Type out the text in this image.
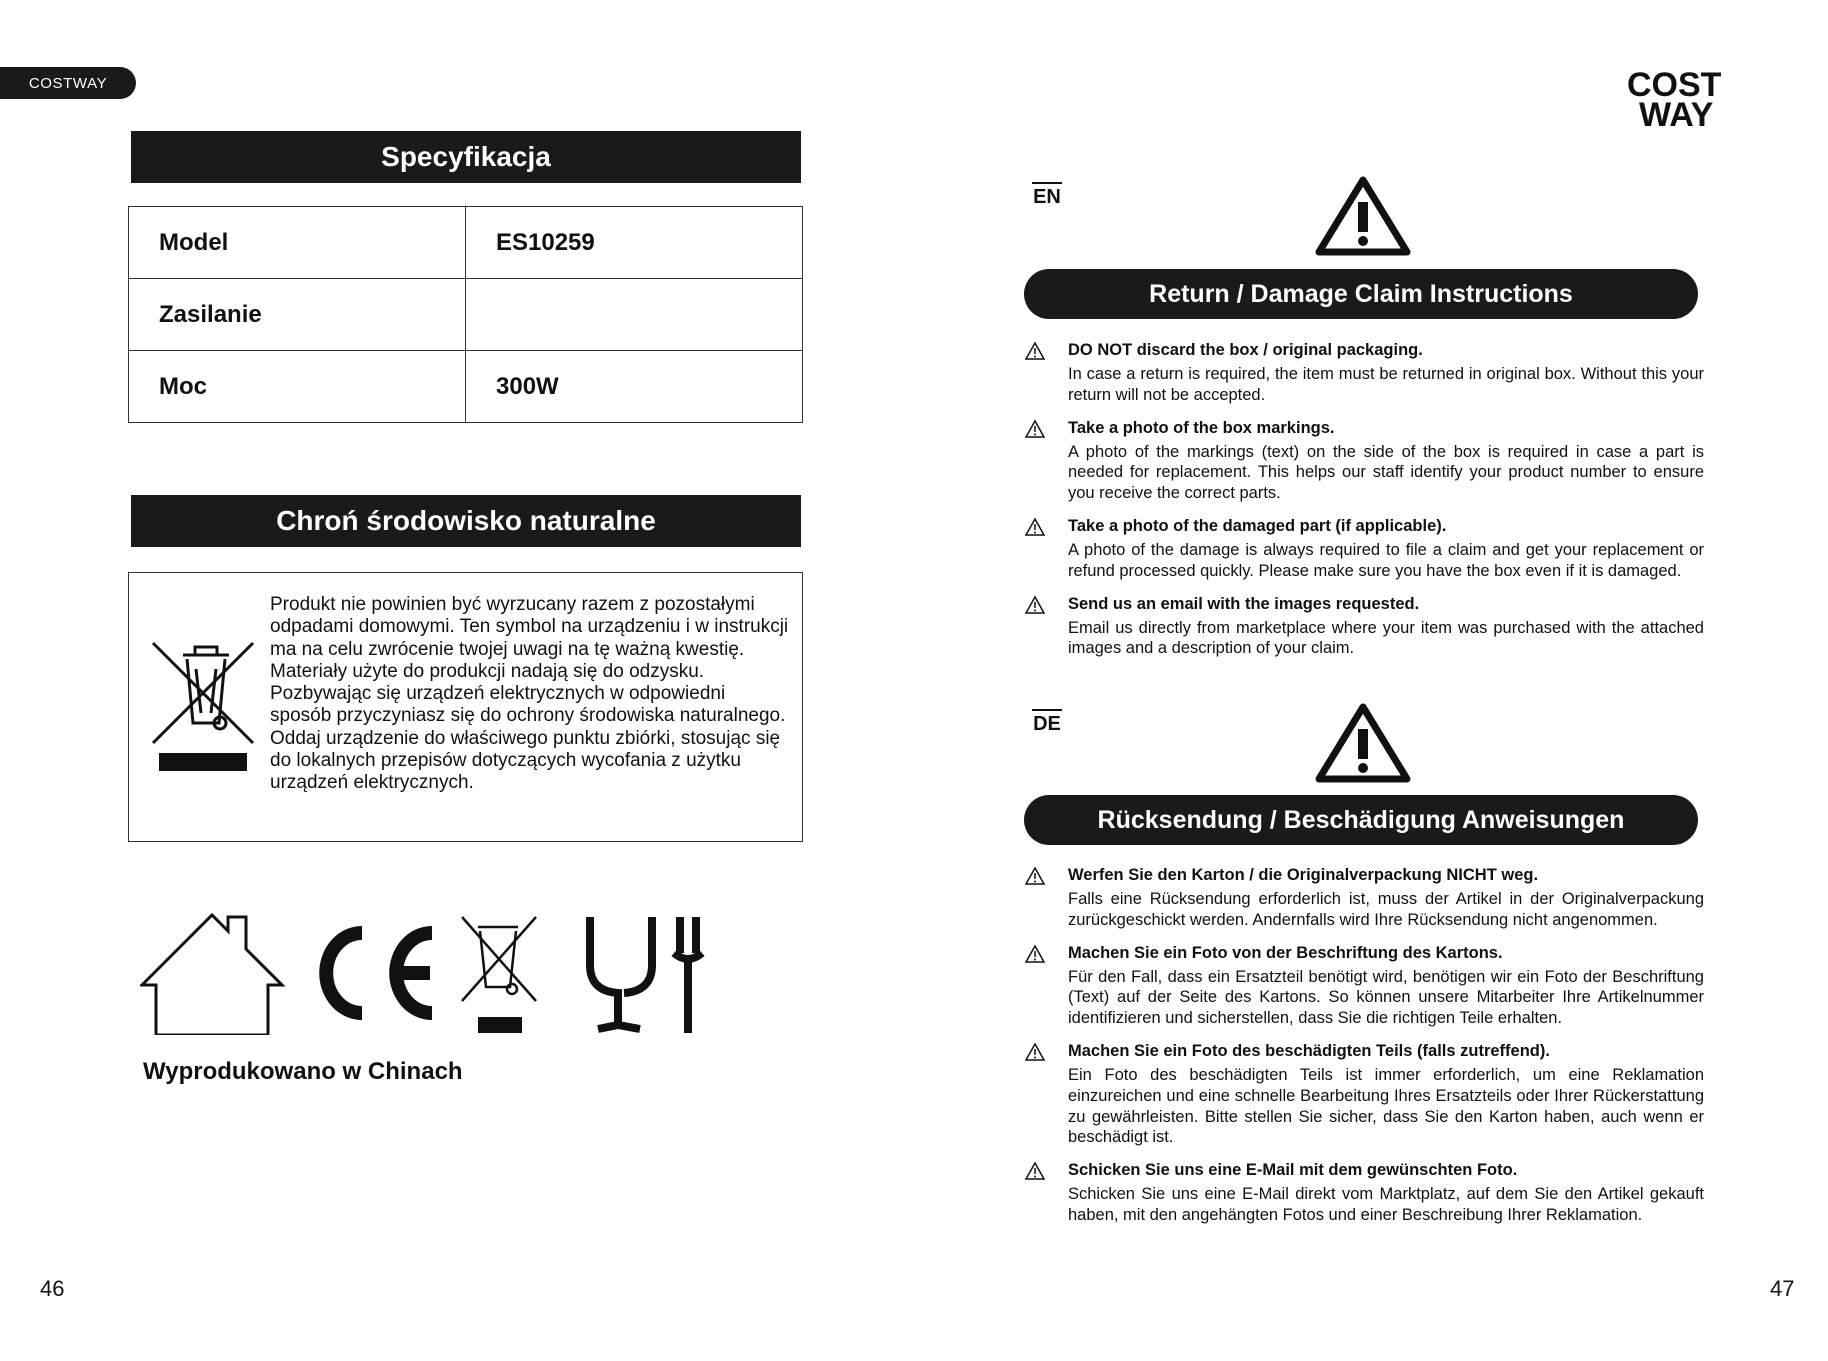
COSTWAY
Specyfikacja
Model	ES10259
Zasilanie	
Moc	300W
Chroń środowisko naturalne
Produkt nie powinien być wyrzucany razem z pozostałymi odpadami domowymi. Ten symbol na urządzeniu i w instrukcji ma na celu zwrócenie twojej uwagi na tę ważną kwestię. Materiały użyte do produkcji nadają się do odzysku. Pozbywając się urządzeń elektrycznych w odpowiedni sposób przyczyniasz się do ochrony środowiska naturalnego. Oddaj urządzenie do właściwego punktu zbiórki, stosując się do lokalnych przepisów dotyczących wycofania z użytku urządzeń elektrycznych.
Wyprodukowano w Chinach
46
COST
WAY
EN
Return / Damage Claim Instructions
DO NOT discard the box / original packaging.
In case a return is required, the item must be returned in original box. Without this your return will not be accepted.
Take a photo of the box markings.
A photo of the markings (text) on the side of the box is required in case a part is needed for replacement. This helps our staff identify your product number to ensure you receive the correct parts.
Take a photo of the damaged part (if applicable).
A photo of the damage is always required to file a claim and get your replacement or refund processed quickly. Please make sure you have the box even if it is damaged.
Send us an email with the images requested.
Email us directly from marketplace where your item was purchased with the attached images and a description of your claim.
DE
Rücksendung / Beschädigung Anweisungen
Werfen Sie den Karton / die Originalverpackung NICHT weg.
Falls eine Rücksendung erforderlich ist, muss der Artikel in der Originalverpackung zurückgeschickt werden. Andernfalls wird Ihre Rücksendung nicht angenommen.
Machen Sie ein Foto von der Beschriftung des Kartons.
Für den Fall, dass ein Ersatzteil benötigt wird, benötigen wir ein Foto der Beschriftung (Text) auf der Seite des Kartons. So können unsere Mitarbeiter Ihre Artikelnummer identifizieren und sicherstellen, dass Sie die richtigen Teile erhalten.
Machen Sie ein Foto des beschädigten Teils (falls zutreffend).
Ein Foto des beschädigten Teils ist immer erforderlich, um eine Reklamation einzureichen und eine schnelle Bearbeitung Ihres Ersatzteils oder Ihrer Rückerstattung zu gewährleisten. Bitte stellen Sie sicher, dass Sie den Karton haben, auch wenn er beschädigt ist.
Schicken Sie uns eine E-Mail mit dem gewünschten Foto.
Schicken Sie uns eine E-Mail direkt vom Marktplatz, auf dem Sie den Artikel gekauft haben, mit den angehängten Fotos und einer Beschreibung Ihrer Reklamation.
47
